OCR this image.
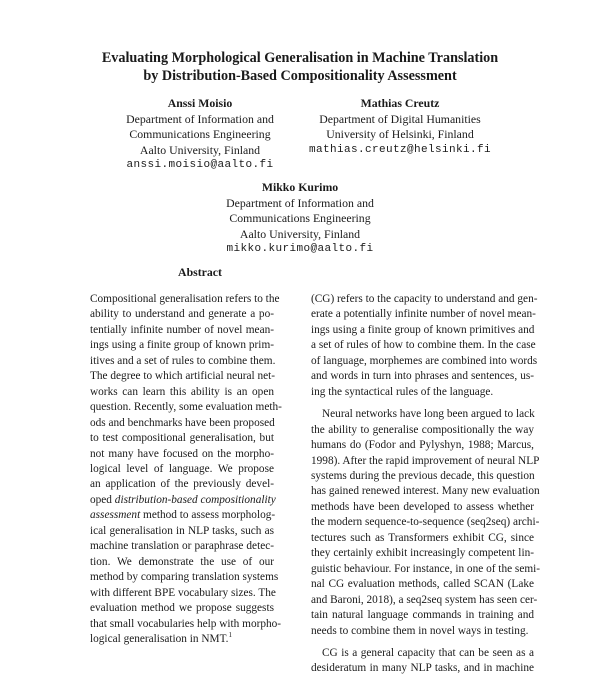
Evaluating Morphological Generalisation in Machine Translation
by Distribution-Based Compositionality Assessment
Anssi Moisio
Department of Information and
Communications Engineering
Aalto University, Finland
anssi.moisio@aalto.fi
Mathias Creutz
Department of Digital Humanities
University of Helsinki, Finland
mathias.creutz@helsinki.fi
Mikko Kurimo
Department of Information and
Communications Engineering
Aalto University, Finland
mikko.kurimo@aalto.fi
Abstract
Compositional generalisation refers to the
ability to understand and generate a po-
tentially infinite number of novel mean-
ings using a finite group of known prim-
itives and a set of rules to combine them.
The degree to which artificial neural net-
works can learn this ability is an open
question. Recently, some evaluation meth-
ods and benchmarks have been proposed
to test compositional generalisation, but
not many have focused on the morpho-
logical level of language. We propose
an application of the previously devel-
oped distribution-based compositionality
assessment method to assess morpholog-
ical generalisation in NLP tasks, such as
machine translation or paraphrase detec-
tion. We demonstrate the use of our
method by comparing translation systems
with different BPE vocabulary sizes. The
evaluation method we propose suggests
that small vocabularies help with morpho-
logical generalisation in NMT.$^1$
(CG) refers to the capacity to understand and gen-
erate a potentially infinite number of novel mean-
ings using a finite group of known primitives and
a set of rules of how to combine them. In the case
of language, morphemes are combined into words
and words in turn into phrases and sentences, us-
ing the syntactical rules of the language.
Neural networks have long been argued to lack
the ability to generalise compositionally the way
humans do (Fodor and Pylyshyn, 1988; Marcus,
1998). After the rapid improvement of neural NLP
systems during the previous decade, this question
has gained renewed interest. Many new evaluation
methods have been developed to assess whether
the modern sequence-to-sequence (seq2seq) archi-
tectures such as Transformers exhibit CG, since
they certainly exhibit increasingly competent lin-
guistic behaviour. For instance, in one of the semi-
nal CG evaluation methods, called SCAN (Lake
and Baroni, 2018), a seq2seq system has seen cer-
tain natural language commands in training and
needs to combine them in novel ways in testing.
CG is a general capacity that can be seen as a
desideratum in many NLP tasks, and in machine
